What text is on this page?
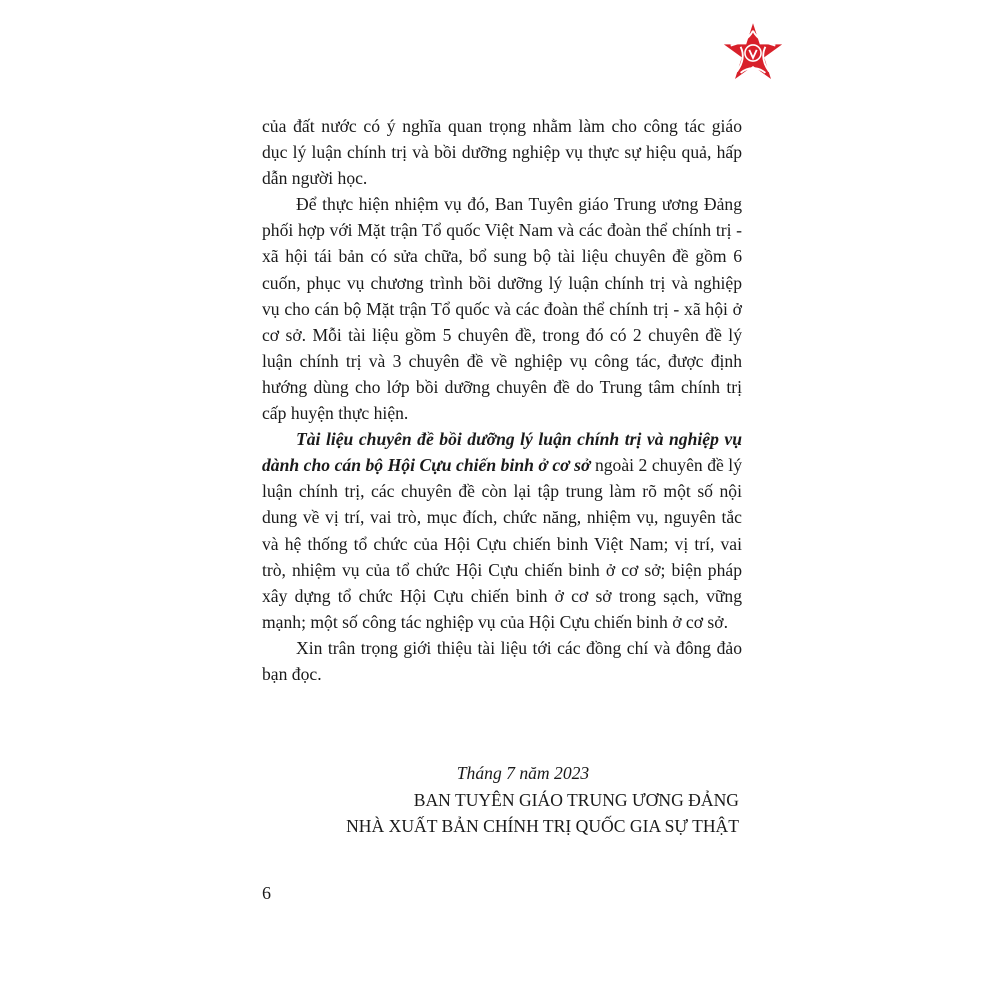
của đất nước có ý nghĩa quan trọng nhằm làm cho công tác giáo dục lý luận chính trị và bồi dưỡng nghiệp vụ thực sự hiệu quả, hấp dẫn người học.

Để thực hiện nhiệm vụ đó, Ban Tuyên giáo Trung ương Đảng phối hợp với Mặt trận Tổ quốc Việt Nam và các đoàn thể chính trị - xã hội tái bản có sửa chữa, bổ sung bộ tài liệu chuyên đề gồm 6 cuốn, phục vụ chương trình bồi dưỡng lý luận chính trị và nghiệp vụ cho cán bộ Mặt trận Tổ quốc và các đoàn thể chính trị - xã hội ở cơ sở. Mỗi tài liệu gồm 5 chuyên đề, trong đó có 2 chuyên đề lý luận chính trị và 3 chuyên đề về nghiệp vụ công tác, được định hướng dùng cho lớp bồi dưỡng chuyên đề do Trung tâm chính trị cấp huyện thực hiện.

Tài liệu chuyên đề bồi dưỡng lý luận chính trị và nghiệp vụ dành cho cán bộ Hội Cựu chiến binh ở cơ sở ngoài 2 chuyên đề lý luận chính trị, các chuyên đề còn lại tập trung làm rõ một số nội dung về vị trí, vai trò, mục đích, chức năng, nhiệm vụ, nguyên tắc và hệ thống tổ chức của Hội Cựu chiến binh Việt Nam; vị trí, vai trò, nhiệm vụ của tổ chức Hội Cựu chiến binh ở cơ sở; biện pháp xây dựng tổ chức Hội Cựu chiến binh ở cơ sở trong sạch, vững mạnh; một số công tác nghiệp vụ của Hội Cựu chiến binh ở cơ sở.

Xin trân trọng giới thiệu tài liệu tới các đồng chí và đông đảo bạn đọc.

Tháng 7 năm 2023
BAN TUYÊN GIÁO TRUNG ƯƠNG ĐẢNG
NHÀ XUẤT BẢN CHÍNH TRỊ QUỐC GIA SỰ THẬT
6
